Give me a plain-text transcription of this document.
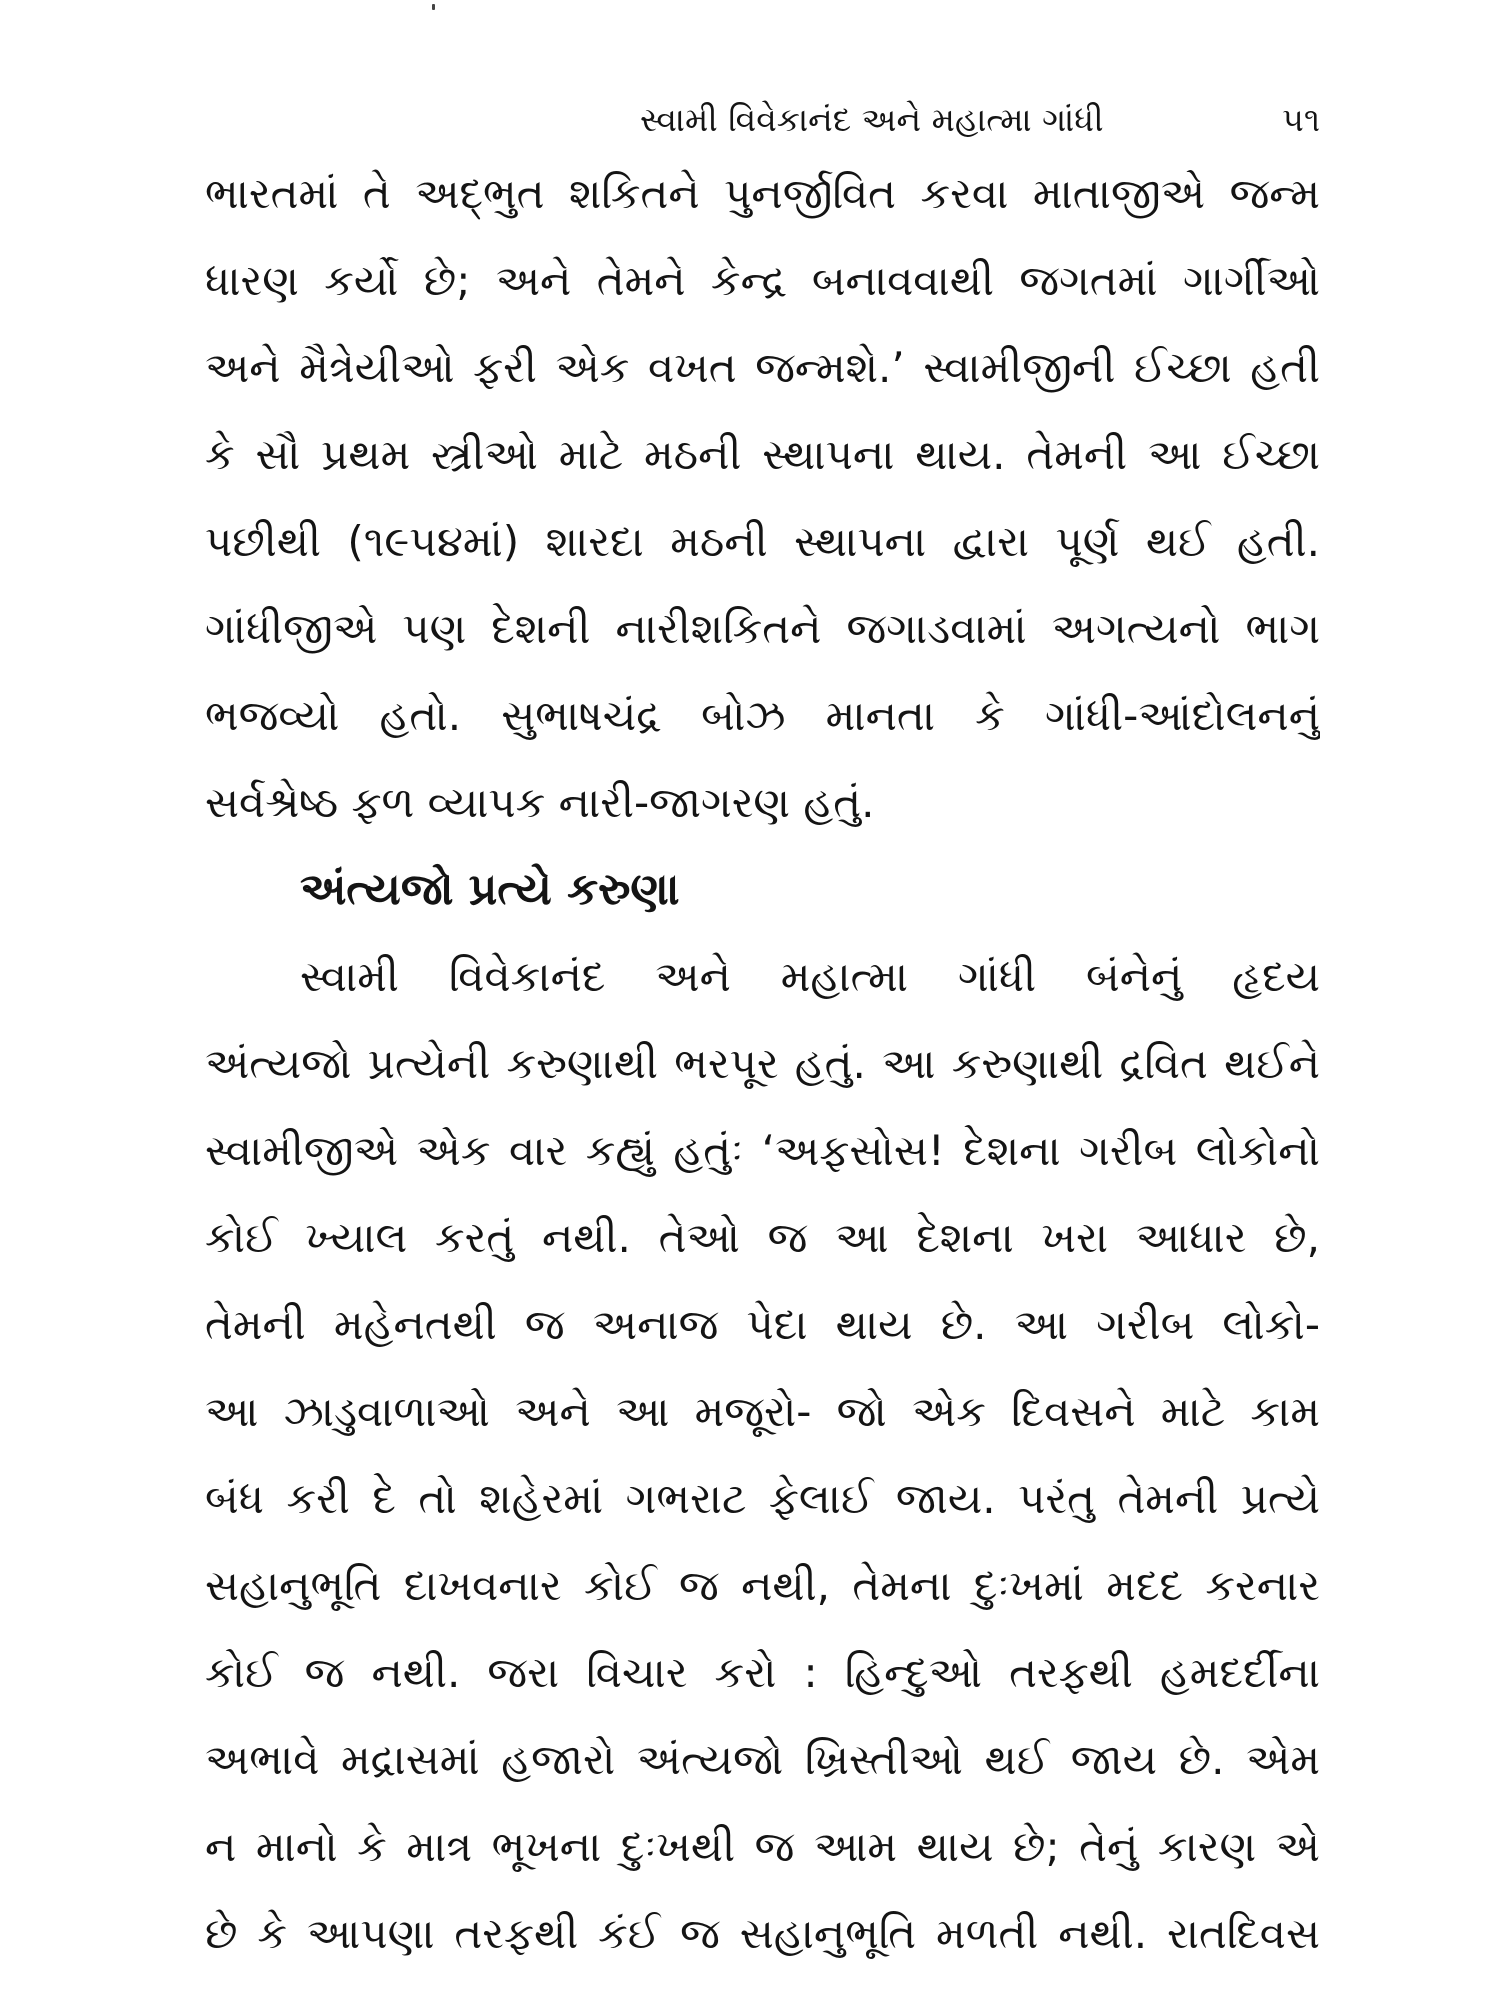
સ્વામી વિવેકાનંદ અને મહાત્મા ગાંધી	૫૧
ભારતમાં તે અદ્ભુત શકિતને પુનર્જીવિત કરવા માતાજીએ જન્મ
ધારણ કર્યો છે; અને તેમને કેન્દ્ર બનાવવાથી જગતમાં ગાર્ગીઓ
અને મૈત્રેયીઓ ફરી એક વખત જન્મશે.’ સ્વામીજીની ઈચ્છા હતી
કે સૌ પ્રથમ સ્ત્રીઓ માટે મઠની સ્થાપના થાય. તેમની આ ઈચ્છા
પછીથી (૧૯૫૪માં) શારદા મઠની સ્થાપના દ્વારા પૂર્ણ થઈ હતી.
ગાંધીજીએ પણ દેશની નારીશકિતને જગાડવામાં અગત્યનો ભાગ
ભજવ્યો હતો. સુભાષચંદ્ર બોઝ માનતા કે ગાંધી-આંદોલનનું
સર્વશ્રેષ્ઠ ફળ વ્યાપક નારી-જાગરણ હતું.
અંત્યજો પ્રત્યે કરુણા
સ્વામી વિવેકાનંદ અને મહાત્મા ગાંધી બંનેનું હૃદય
અંત્યજો પ્રત્યેની કરુણાથી ભરપૂર હતું. આ કરુણાથી દ્રવિત થઈને
સ્વામીજીએ એક વાર કહ્યું હતુંઃ ‘અફસોસ! દેશના ગરીબ લોકોનો
કોઈ ખ્યાલ કરતું નથી. તેઓ જ આ દેશના ખરા આધાર છે,
તેમની મહેનતથી જ અનાજ પેદા થાય છે. આ ગરીબ લોકો-
આ ઝાડુવાળાઓ અને આ મજૂરો- જો એક દિવસને માટે કામ
બંધ કરી દે તો શહેરમાં ગભરાટ ફેલાઈ જાય. પરંતુ તેમની પ્રત્યે
સહાનુભૂતિ દાખવનાર કોઈ જ નથી, તેમના દુઃખમાં મદદ કરનાર
કોઈ જ નથી. જરા વિચાર કરો : હિન્દુઓ તરફથી હમદર્દીના
અભાવે મદ્રાસમાં હજારો અંત્યજો ખ્રિસ્તીઓ થઈ જાય છે. એમ
ન માનો કે માત્ર ભૂખના દુઃખથી જ આમ થાય છે; તેનું કારણ એ
છે કે આપણા તરફથી કંઈ જ સહાનુભૂતિ મળતી નથી. રાતદિવસ
